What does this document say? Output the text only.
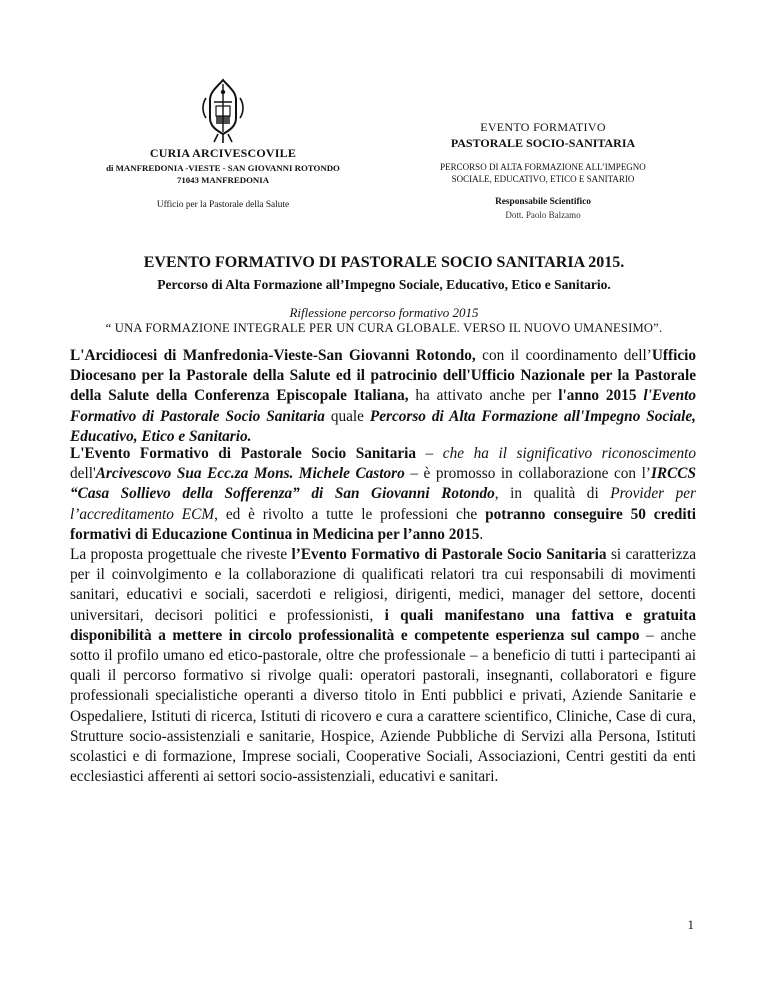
CURIA ARCIVESCOVILE
di MANFREDONIA -VIESTE - SAN GIOVANNI ROTONDO
71043 MANFREDONIA
Ufficio per la Pastorale della Salute
EVENTO FORMATIVO
PASTORALE SOCIO-SANITARIA
PERCORSO DI ALTA FORMAZIONE ALL’IMPEGNO
SOCIALE, EDUCATIVO, ETICO E SANITARIO
Responsabile Scientifico
Dott. Paolo Balzamo
EVENTO FORMATIVO DI PASTORALE SOCIO SANITARIA 2015.
Percorso di Alta Formazione all’Impegno Sociale, Educativo, Etico e Sanitario.
Riflessione percorso formativo 2015
“ UNA FORMAZIONE INTEGRALE PER UN CURA GLOBALE. VERSO IL NUOVO UMANESIMO”.
L'Arcidiocesi di Manfredonia-Vieste-San Giovanni Rotondo, con il coordinamento dell’Ufficio Diocesano per la Pastorale della Salute ed il patrocinio dell'Ufficio Nazionale per la Pastorale della Salute della Conferenza Episcopale Italiana, ha attivato anche per l'anno 2015 l'Evento Formativo di Pastorale Socio Sanitaria quale Percorso di Alta Formazione all'Impegno Sociale, Educativo, Etico e Sanitario.
L'Evento Formativo di Pastorale Socio Sanitaria – che ha il significativo riconoscimento dell'Arcivescovo Sua Ecc.za Mons. Michele Castoro – è promosso in collaborazione con l’IRCCS “Casa Sollievo della Sofferenza” di San Giovanni Rotondo, in qualità di Provider per l’accreditamento ECM, ed è rivolto a tutte le professioni che potranno conseguire 50 crediti formativi di Educazione Continua in Medicina per l’anno 2015.
La proposta progettuale che riveste l’Evento Formativo di Pastorale Socio Sanitaria si caratterizza per il coinvolgimento e la collaborazione di qualificati relatori tra cui responsabili di movimenti sanitari, educativi e sociali, sacerdoti e religiosi, dirigenti, medici, manager del settore, docenti universitari, decisori politici e professionisti, i quali manifestano una fattiva e gratuita disponibilità a mettere in circolo professionalità e competente esperienza sul campo – anche sotto il profilo umano ed etico-pastorale, oltre che professionale – a beneficio di tutti i partecipanti ai quali il percorso formativo si rivolge quali: operatori pastorali, insegnanti, collaboratori e figure professionali specialistiche operanti a diverso titolo in Enti pubblici e privati, Aziende Sanitarie e Ospedaliere, Istituti di ricerca, Istituti di ricovero e cura a carattere scientifico, Cliniche, Case di cura, Strutture socio-assistenziali e sanitarie, Hospice, Aziende Pubbliche di Servizi alla Persona, Istituti scolastici e di formazione, Imprese sociali, Cooperative Sociali, Associazioni, Centri gestiti da enti ecclesiastici afferenti ai settori socio-assistenziali, educativi e sanitari.
1
